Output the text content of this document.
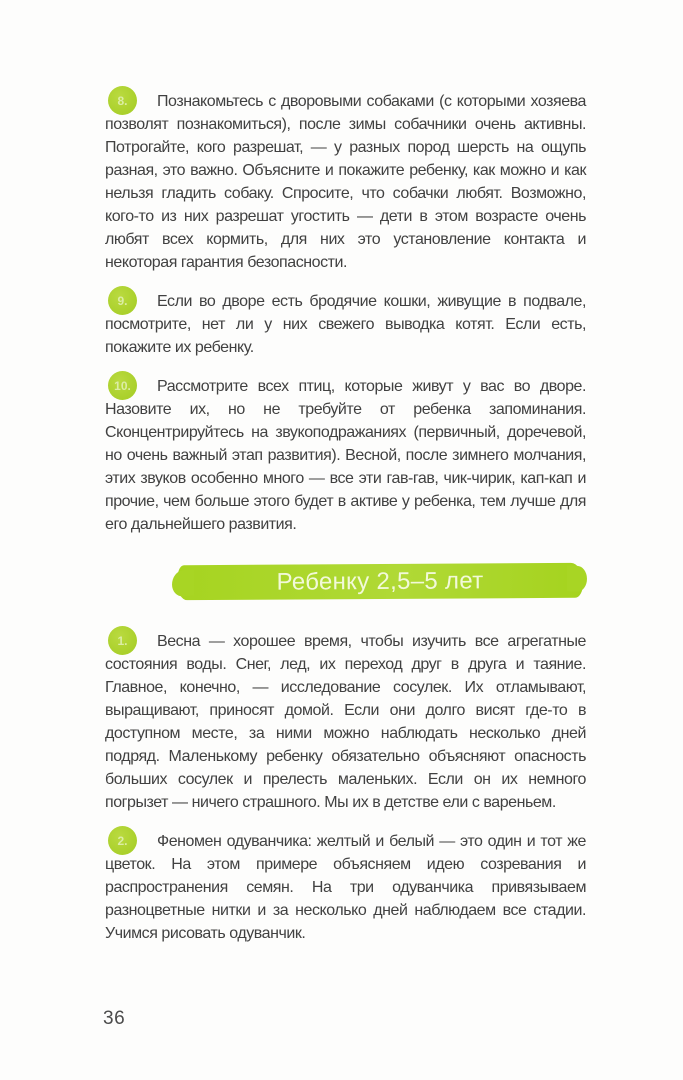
8.	Познакомьтесь с дворовыми собаками (с которыми хозяева позволят познакомиться), после зимы собачники очень активны. Потрогайте, кого разрешат, — у разных пород шерсть на ощупь разная, это важно. Объясните и покажите ребенку, как можно и как нельзя гладить собаку. Спросите, что собачки любят. Возможно, кого-то из них разрешат угостить — дети в этом возрасте очень любят всех кормить, для них это установление контакта и некоторая гарантия безопасности.

9.	Если во дворе есть бродячие кошки, живущие в подвале, посмотрите, нет ли у них свежего выводка котят. Если есть, покажите их ребенку.

10.	Рассмотрите всех птиц, которые живут у вас во дворе. Назовите их, но не требуйте от ребенка запоминания. Сконцентрируйтесь на звукоподражаниях (первичный, доречевой, но очень важный этап развития). Весной, после зимнего молчания, этих звуков особенно много — все эти гав-гав, чик-чирик, кап-кап и прочие, чем больше этого будет в активе у ребенка, тем лучше для его дальнейшего развития.

Ребенку 2,5–5 лет
1.	Весна — хорошее время, чтобы изучить все агрегатные состояния воды. Снег, лед, их переход друг в друга и таяние. Главное, конечно, — исследование сосулек. Их отламывают, выращивают, приносят домой. Если они долго висят где-то в доступном месте, за ними можно наблюдать несколько дней подряд. Маленькому ребенку обязательно объясняют опасность больших сосулек и прелесть маленьких. Если он их немного погрызет — ничего страшного. Мы их в детстве ели с вареньем.

2.	Феномен одуванчика: желтый и белый — это один и тот же цветок. На этом примере объясняем идею созревания и распространения семян. На три одуванчика привязываем разноцветные нитки и за несколько дней наблюдаем все стадии. Учимся рисовать одуванчик.

36
